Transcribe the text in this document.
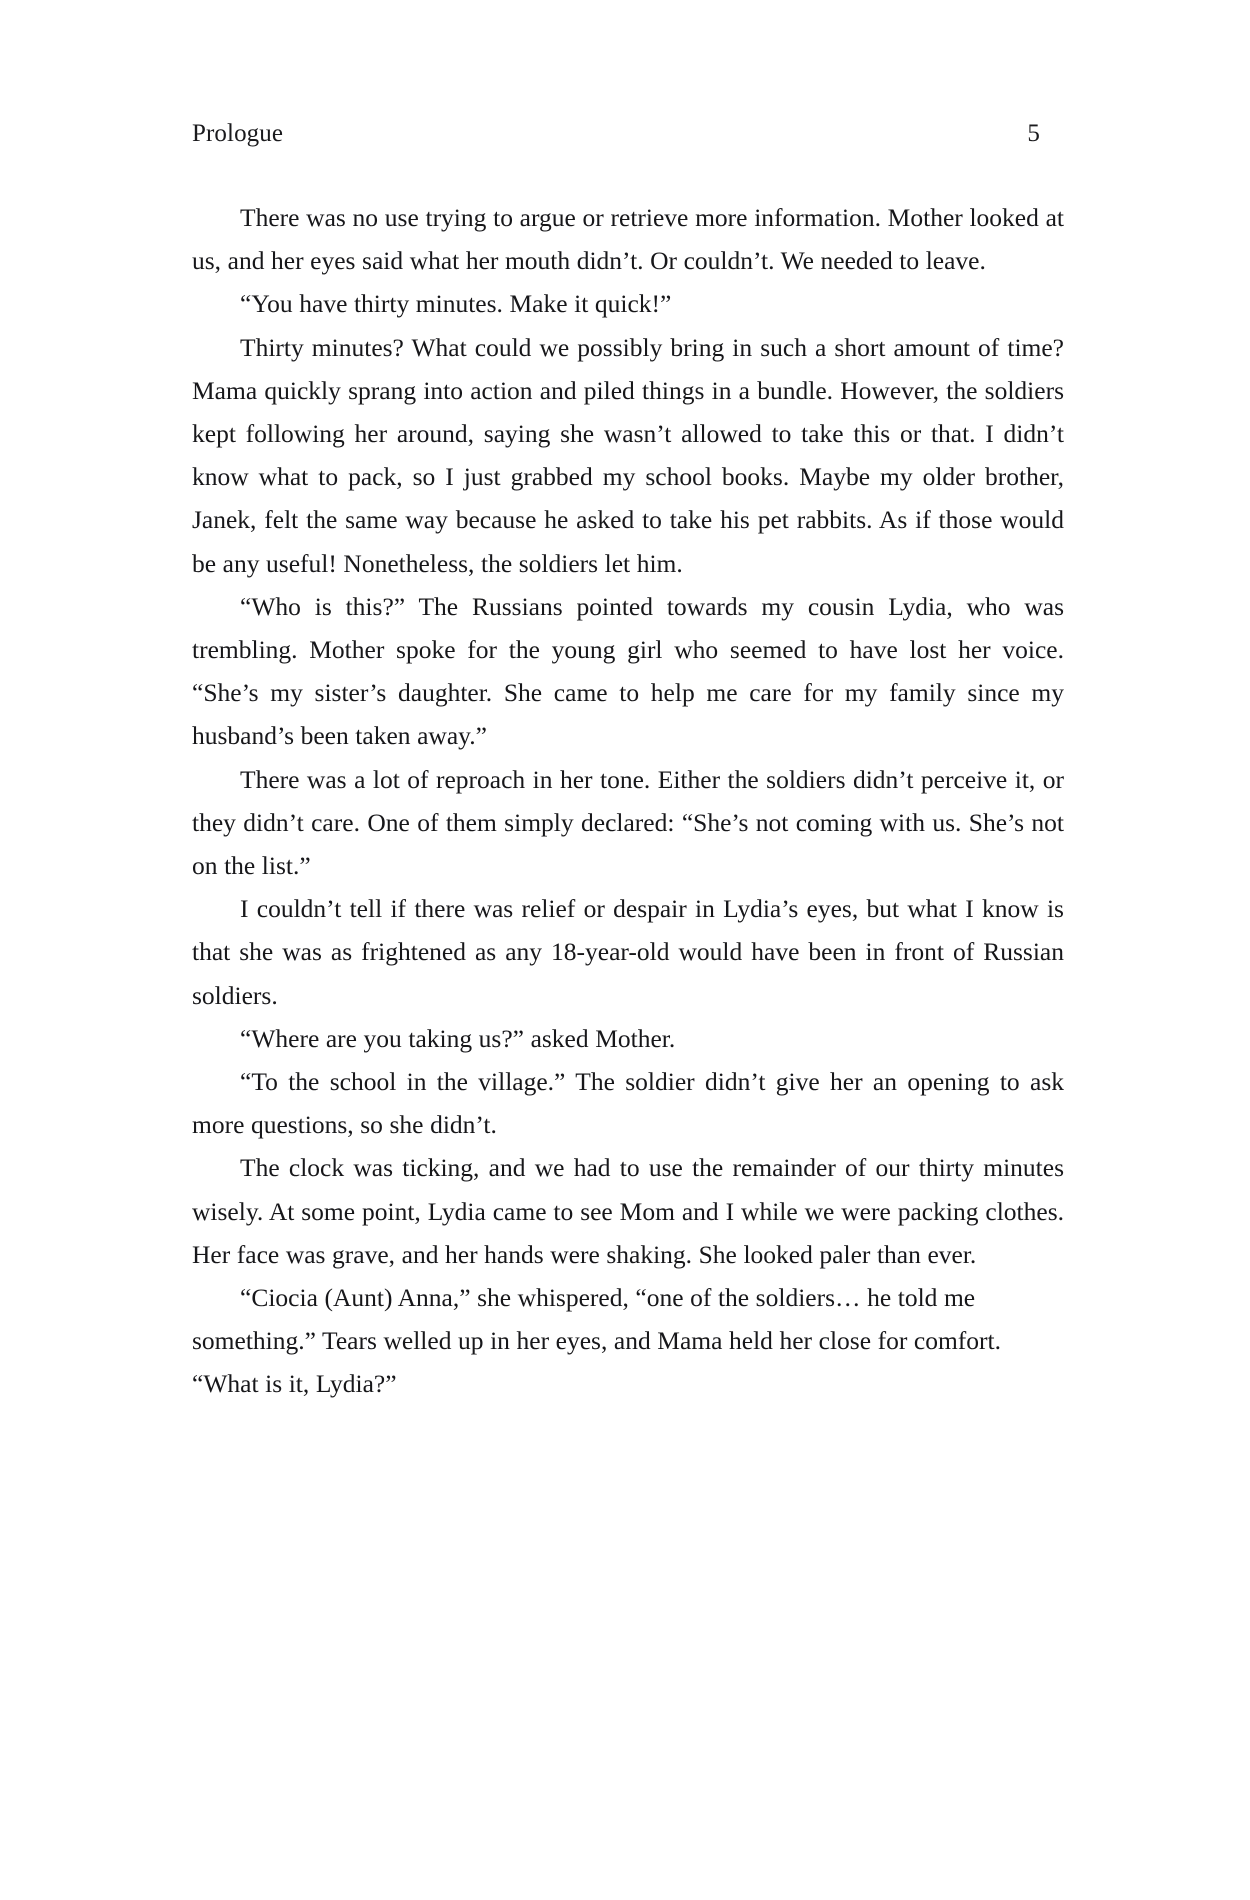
Prologue	5

There was no use trying to argue or retrieve more information. Mother looked at us, and her eyes said what her mouth didn’t. Or couldn’t. We needed to leave.

“You have thirty minutes. Make it quick!”

Thirty minutes? What could we possibly bring in such a short amount of time? Mama quickly sprang into action and piled things in a bundle. However, the soldiers kept following her around, saying she wasn’t allowed to take this or that. I didn’t know what to pack, so I just grabbed my school books. Maybe my older brother, Janek, felt the same way because he asked to take his pet rabbits. As if those would be any useful! Nonetheless, the soldiers let him.

“Who is this?” The Russians pointed towards my cousin Lydia, who was trembling. Mother spoke for the young girl who seemed to have lost her voice. “She’s my sister’s daughter. She came to help me care for my family since my husband’s been taken away.”

There was a lot of reproach in her tone. Either the soldiers didn’t perceive it, or they didn’t care. One of them simply declared: “She’s not coming with us. She’s not on the list.”

I couldn’t tell if there was relief or despair in Lydia’s eyes, but what I know is that she was as frightened as any 18-year-old would have been in front of Russian soldiers.

“Where are you taking us?” asked Mother.

“To the school in the village.” The soldier didn’t give her an opening to ask more questions, so she didn’t.

The clock was ticking, and we had to use the remainder of our thirty minutes wisely. At some point, Lydia came to see Mom and I while we were packing clothes. Her face was grave, and her hands were shaking. She looked paler than ever.

“Ciocia (Aunt) Anna,” she whispered, “one of the soldiers… he told me something.” Tears welled up in her eyes, and Mama held her close for comfort. “What is it, Lydia?”
